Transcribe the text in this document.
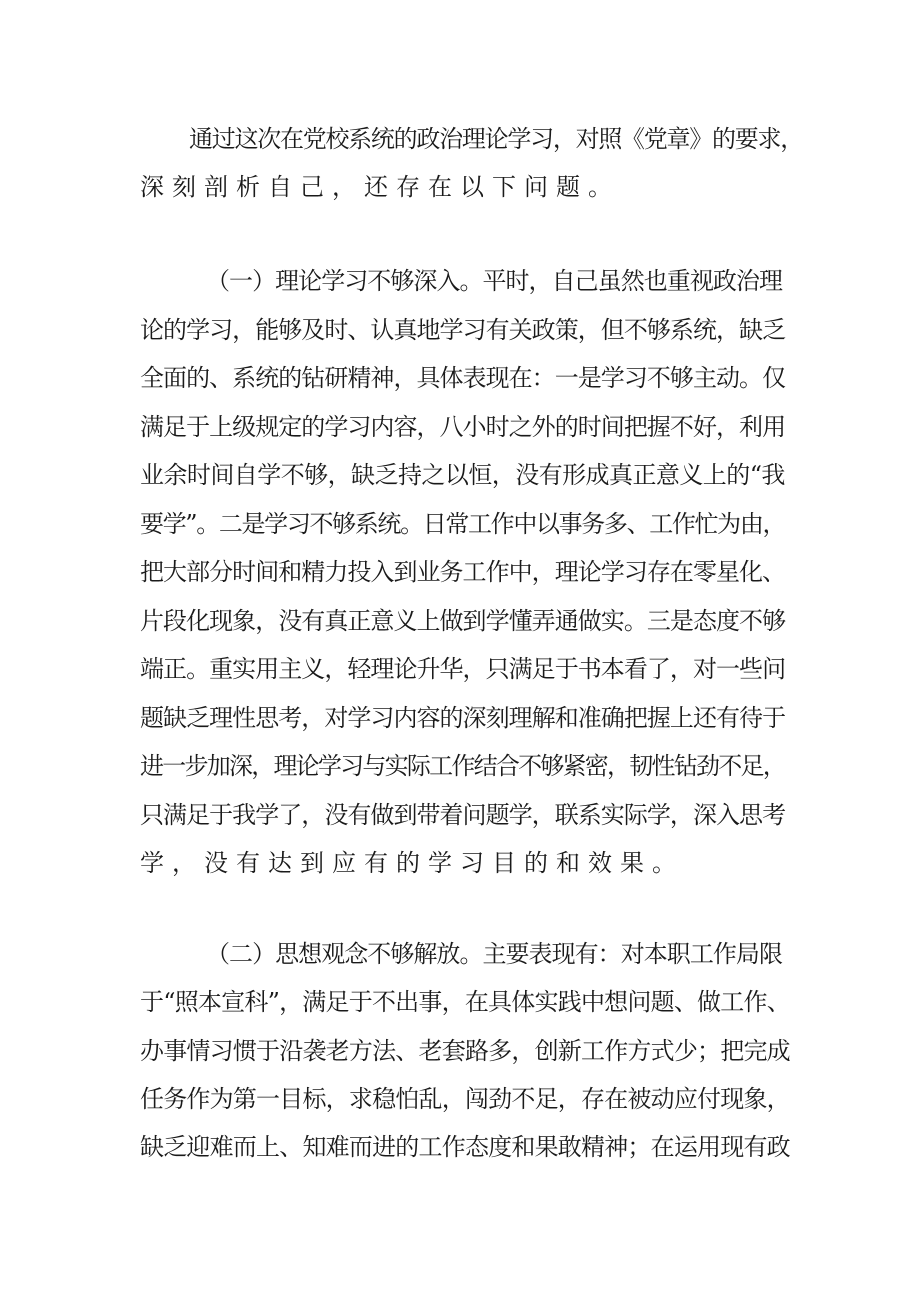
通过这次在党校系统的政治理论学习，对照《党章》的要求，
深刻剖析自己，还存在以下问题。
（一）理论学习不够深入。平时，自己虽然也重视政治理
论的学习，能够及时、认真地学习有关政策，但不够系统，缺乏
全面的、系统的钻研精神，具体表现在：一是学习不够主动。仅
满足于上级规定的学习内容，八小时之外的时间把握不好，利用
业余时间自学不够，缺乏持之以恒，没有形成真正意义上的“我
要学”。二是学习不够系统。日常工作中以事务多、工作忙为由，
把大部分时间和精力投入到业务工作中，理论学习存在零星化、
片段化现象，没有真正意义上做到学懂弄通做实。三是态度不够
端正。重实用主义，轻理论升华，只满足于书本看了，对一些问
题缺乏理性思考，对学习内容的深刻理解和准确把握上还有待于
进一步加深，理论学习与实际工作结合不够紧密，韧性钻劲不足，
只满足于我学了，没有做到带着问题学，联系实际学，深入思考
学，没有达到应有的学习目的和效果。
（二）思想观念不够解放。主要表现有：对本职工作局限
于“照本宣科”，满足于不出事，在具体实践中想问题、做工作、
办事情习惯于沿袭老方法、老套路多，创新工作方式少；把完成
任务作为第一目标，求稳怕乱，闯劲不足，存在被动应付现象，
缺乏迎难而上、知难而进的工作态度和果敢精神；在运用现有政
